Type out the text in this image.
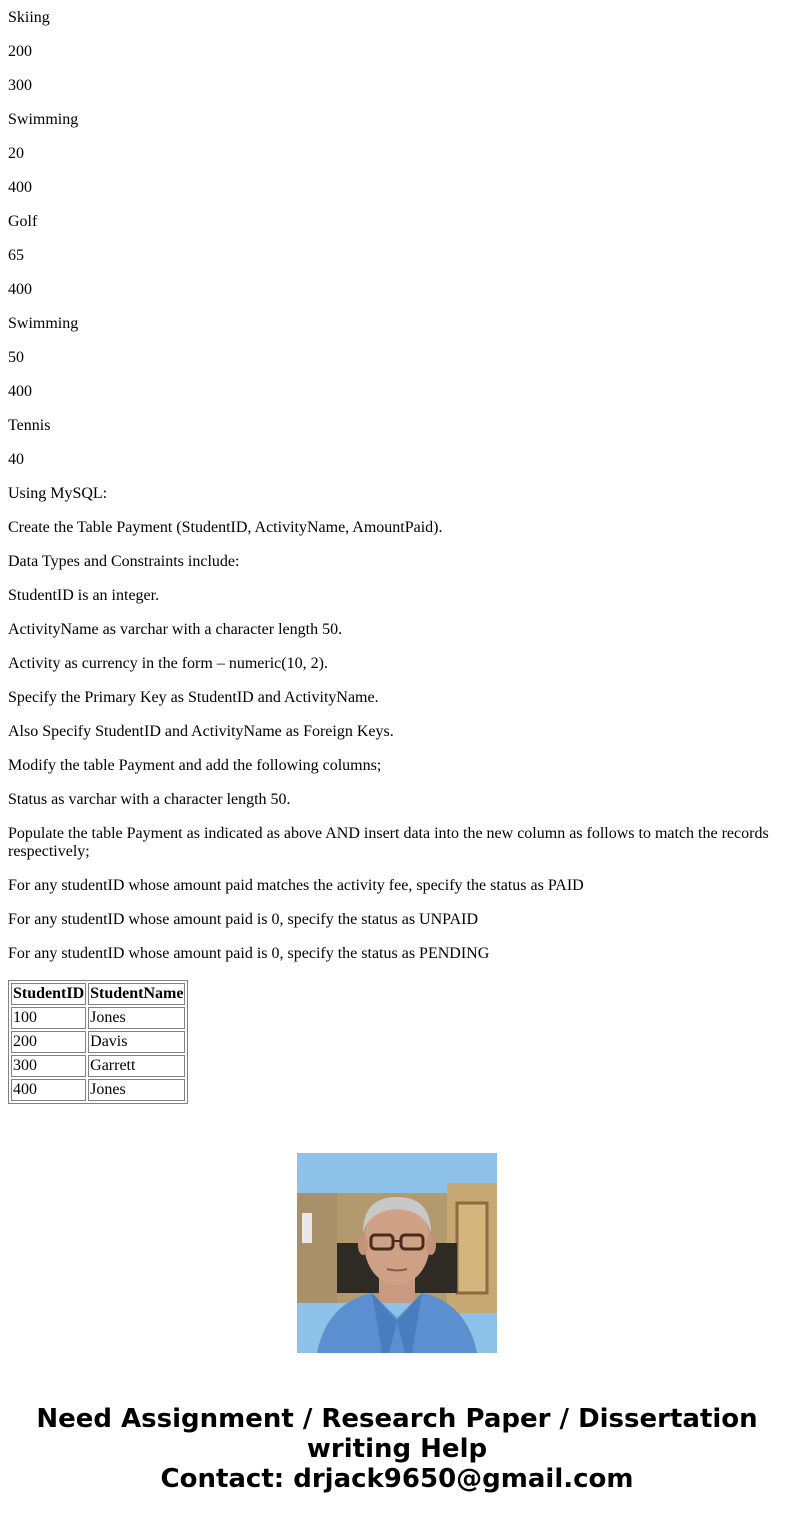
Skiing

200

300

Swimming

20

400

Golf

65

400

Swimming

50

400

Tennis

40

Using MySQL:

Create the Table Payment (StudentID, ActivityName, AmountPaid).

Data Types and Constraints include:

StudentID is an integer.

ActivityName as varchar with a character length 50.

Activity as currency in the form – numeric(10, 2).

Specify the Primary Key as StudentID and ActivityName.

Also Specify StudentID and ActivityName as Foreign Keys.

Modify the table Payment and add the following columns;

Status as varchar with a character length 50.

Populate the table Payment as indicated as above AND insert data into the new column as follows to match the records respectively;

For any studentID whose amount paid matches the activity fee, specify the status as PAID

For any studentID whose amount paid is 0, specify the status as UNPAID

For any studentID whose amount paid is 0, specify the status as PENDING

StudentID	StudentName
100	Jones
200	Davis
300	Garrett
400	Jones
Need Assignment / Research Paper / Dissertation
writing Help
Contact: drjack9650@gmail.com
